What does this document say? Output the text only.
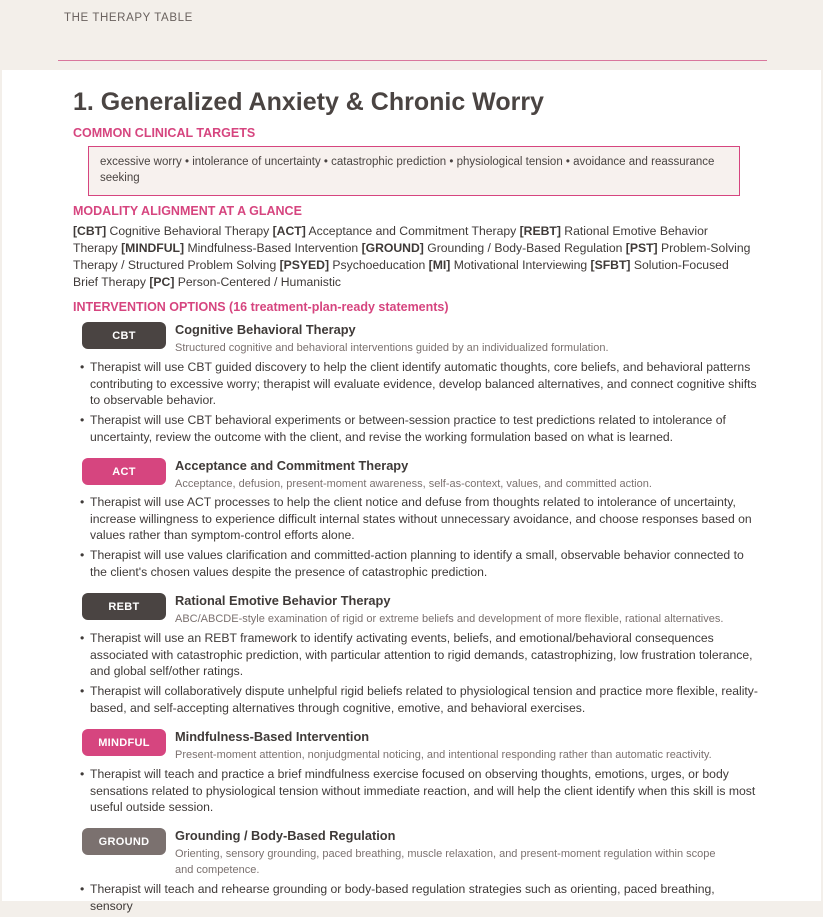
THE THERAPY TABLE
1. Generalized Anxiety & Chronic Worry
COMMON CLINICAL TARGETS
excessive worry • intolerance of uncertainty • catastrophic prediction • physiological tension • avoidance and reassurance seeking
MODALITY ALIGNMENT AT A GLANCE
[CBT] Cognitive Behavioral Therapy [ACT] Acceptance and Commitment Therapy [REBT] Rational Emotive Behavior Therapy [MINDFUL] Mindfulness-Based Intervention [GROUND] Grounding / Body-Based Regulation [PST] Problem-Solving Therapy / Structured Problem Solving [PSYED] Psychoeducation [MI] Motivational Interviewing [SFBT] Solution-Focused Brief Therapy [PC] Person-Centered / Humanistic
INTERVENTION OPTIONS (16 treatment-plan-ready statements)
CBT	Cognitive Behavioral Therapy
Structured cognitive and behavioral interventions guided by an individualized formulation.
• Therapist will use CBT guided discovery to help the client identify automatic thoughts, core beliefs, and behavioral patterns contributing to excessive worry; therapist will evaluate evidence, develop balanced alternatives, and connect cognitive shifts to observable behavior.
• Therapist will use CBT behavioral experiments or between-session practice to test predictions related to intolerance of uncertainty, review the outcome with the client, and revise the working formulation based on what is learned.
ACT	Acceptance and Commitment Therapy
Acceptance, defusion, present-moment awareness, self-as-context, values, and committed action.
• Therapist will use ACT processes to help the client notice and defuse from thoughts related to intolerance of uncertainty, increase willingness to experience difficult internal states without unnecessary avoidance, and choose responses based on values rather than symptom-control efforts alone.
• Therapist will use values clarification and committed-action planning to identify a small, observable behavior connected to the client's chosen values despite the presence of catastrophic prediction.
REBT	Rational Emotive Behavior Therapy
ABC/ABCDE-style examination of rigid or extreme beliefs and development of more flexible, rational alternatives.
• Therapist will use an REBT framework to identify activating events, beliefs, and emotional/behavioral consequences associated with catastrophic prediction, with particular attention to rigid demands, catastrophizing, low frustration tolerance, and global self/other ratings.
• Therapist will collaboratively dispute unhelpful rigid beliefs related to physiological tension and practice more flexible, reality-based, and self-accepting alternatives through cognitive, emotive, and behavioral exercises.
MINDFUL	Mindfulness-Based Intervention
Present-moment attention, nonjudgmental noticing, and intentional responding rather than automatic reactivity.
• Therapist will teach and practice a brief mindfulness exercise focused on observing thoughts, emotions, urges, or body sensations related to physiological tension without immediate reaction, and will help the client identify when this skill is most useful outside session.
GROUND	Grounding / Body-Based Regulation
Orienting, sensory grounding, paced breathing, muscle relaxation, and present-moment regulation within scope and competence.
• Therapist will teach and rehearse grounding or body-based regulation strategies such as orienting, paced breathing, sensory
